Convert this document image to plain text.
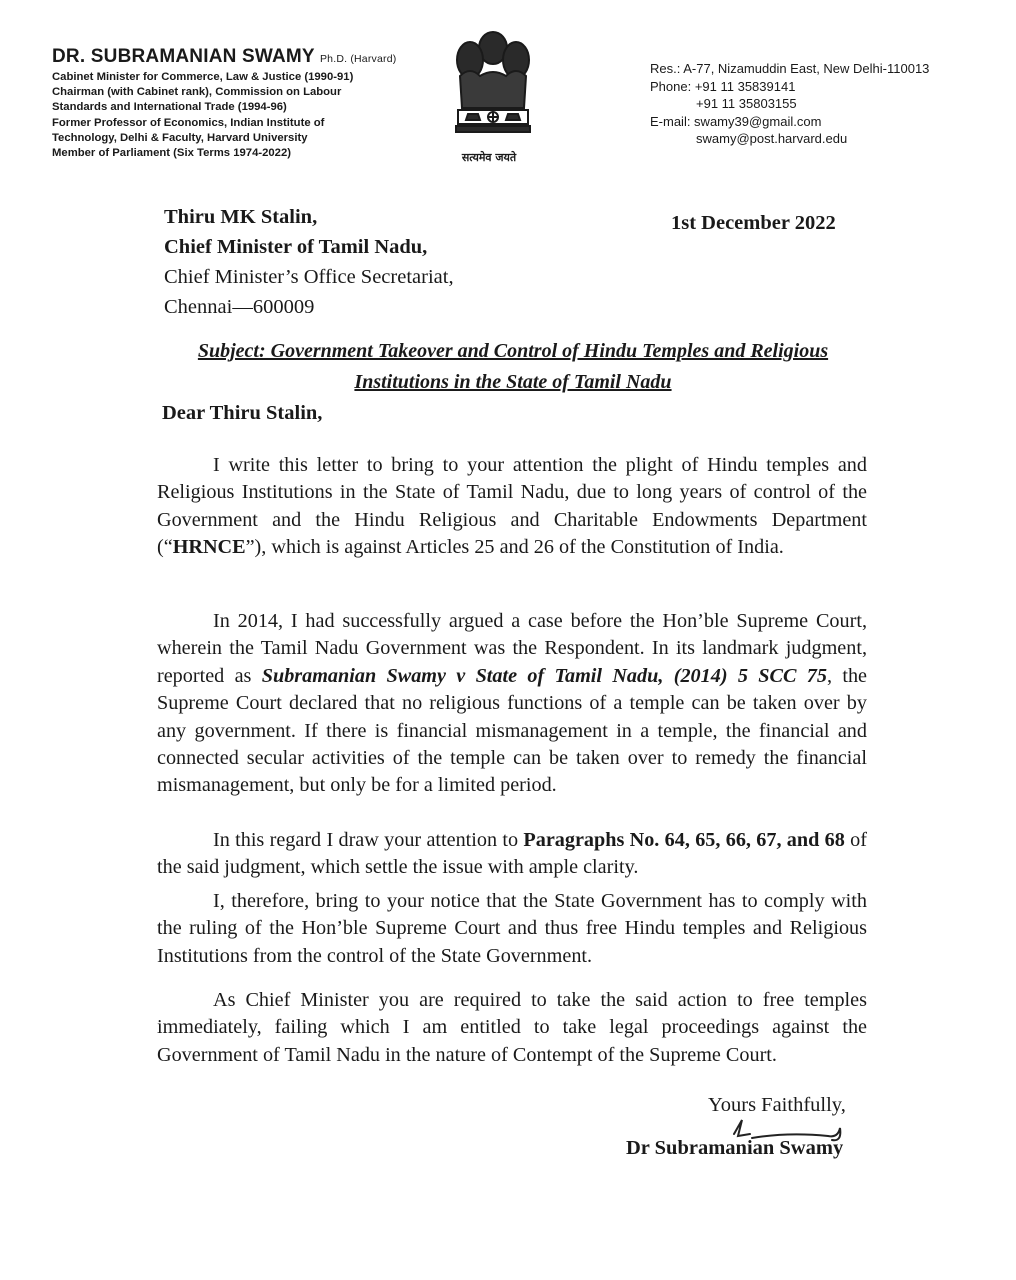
DR. SUBRAMANIAN SWAMY Ph.D. (Harvard)
Cabinet Minister for Commerce, Law & Justice (1990-91)
Chairman (with Cabinet rank), Commission on Labour
Standards and International Trade (1994-96)
Former Professor of Economics, Indian Institute of
Technology, Delhi & Faculty, Harvard University
Member of Parliament (Six Terms 1974-2022)	सत्यमेव जयते
Res.: A-77, Nizamuddin East, New Delhi-110013
Phone: +91 11 35839141
+91 11 35803155
E-mail: swamy39@gmail.com
swamy@post.harvard.edu
Thiru MK Stalin,
Chief Minister of Tamil Nadu,
Chief Minister’s Office Secretariat,
Chennai—600009
1st December 2022
Subject: Government Takeover and Control of Hindu Temples and Religious
Institutions in the State of Tamil Nadu
Dear Thiru Stalin,
I write this letter to bring to your attention the plight of Hindu temples and Religious Institutions in the State of Tamil Nadu, due to long years of control of the Government and the Hindu Religious and Charitable Endowments Department (“HRNCE”), which is against Articles 25 and 26 of the Constitution of India.
In 2014, I had successfully argued a case before the Hon’ble Supreme Court, wherein the Tamil Nadu Government was the Respondent. In its landmark judgment, reported as Subramanian Swamy v State of Tamil Nadu, (2014) 5 SCC 75, the Supreme Court declared that no religious functions of a temple can be taken over by any government. If there is financial mismanagement in a temple, the financial and connected secular activities of the temple can be taken over to remedy the financial mismanagement, but only be for a limited period.
In this regard I draw your attention to Paragraphs No. 64, 65, 66, 67, and 68 of the said judgment, which settle the issue with ample clarity.
I, therefore, bring to your notice that the State Government has to comply with the ruling of the Hon’ble Supreme Court and thus free Hindu temples and Religious Institutions from the control of the State Government.
As Chief Minister you are required to take the said action to free temples immediately, failing which I am entitled to take legal proceedings against the Government of Tamil Nadu in the nature of Contempt of the Supreme Court.
Yours Faithfully,
Dr Subramanian Swamy
